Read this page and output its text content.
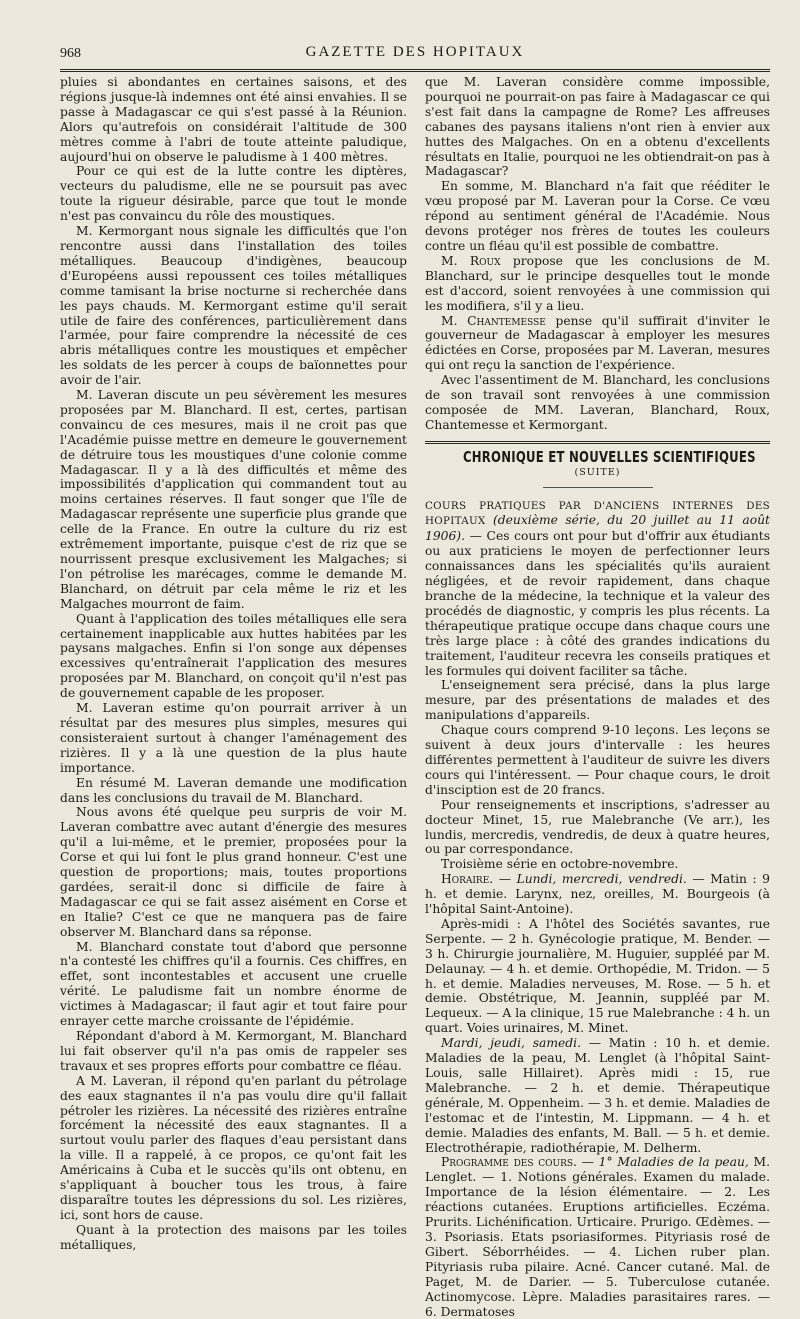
968	GAZETTE DES HOPITAUX

pluies si abondantes en certaines saisons, et des régions jusque-là indemnes ont été ainsi envahies. Il se passe à Madagascar ce qui s'est passé à la Réunion. Alors qu'autrefois on considérait l'altitude de 300 mètres comme à l'abri de toute atteinte paludique, aujourd'hui on observe le paludisme à 1 400 mètres.

Pour ce qui est de la lutte contre les diptères, vecteurs du paludisme, elle ne se poursuit pas avec toute la rigueur désirable, parce que tout le monde n'est pas convaincu du rôle des moustiques.

M. Kermorgant nous signale les difficultés que l'on rencontre aussi dans l'installation des toiles métalliques. Beaucoup d'indigènes, beaucoup d'Européens aussi repoussent ces toiles métalliques comme tamisant la brise nocturne si recherchée dans les pays chauds. M. Kermorgant estime qu'il serait utile de faire des conférences, particulièrement dans l'armée, pour faire comprendre la nécessité de ces abris métalliques contre les moustiques et empêcher les soldats de les percer à coups de baïonnettes pour avoir de l'air.

M. Laveran discute un peu sévèrement les mesures proposées par M. Blanchard. Il est, certes, partisan convaincu de ces mesures, mais il ne croit pas que l'Académie puisse mettre en demeure le gouvernement de détruire tous les moustiques d'une colonie comme Madagascar. Il y a là des difficultés et même des impossibilités d'application qui commandent tout au moins certaines réserves. Il faut songer que l'île de Madagascar représente une superficie plus grande que celle de la France. En outre la culture du riz est extrêmement importante, puisque c'est de riz que se nourrissent presque exclusivement les Malgaches; si l'on pétrolise les marécages, comme le demande M. Blanchard, on détruit par cela même le riz et les Malgaches mourront de faim.

Quant à l'application des toiles métalliques elle sera certainement inapplicable aux huttes habitées par les paysans malgaches. Enfin si l'on songe aux dépenses excessives qu'entraînerait l'application des mesures proposées par M. Blanchard, on conçoit qu'il n'est pas de gouvernement capable de les proposer.

M. Laveran estime qu'on pourrait arriver à un résultat par des mesures plus simples, mesures qui consisteraient surtout à changer l'aménagement des rizières. Il y a là une question de la plus haute importance.

En résumé M. Laveran demande une modification dans les conclusions du travail de M. Blanchard.

Nous avons été quelque peu surpris de voir M. Laveran combattre avec autant d'énergie des mesures qu'il a lui-même, et le premier, proposées pour la Corse et qui lui font le plus grand honneur. C'est une question de proportions; mais, toutes proportions gardées, serait-il donc si difficile de faire à Madagascar ce qui se fait assez aisément en Corse et en Italie? C'est ce que ne manquera pas de faire observer M. Blanchard dans sa réponse.

M. Blanchard constate tout d'abord que personne n'a contesté les chiffres qu'il a fournis. Ces chiffres, en effet, sont incontestables et accusent une cruelle vérité. Le paludisme fait un nombre énorme de victimes à Madagascar; il faut agir et tout faire pour enrayer cette marche croissante de l'épidémie.

Répondant d'abord à M. Kermorgant, M. Blanchard lui fait observer qu'il n'a pas omis de rappeler ses travaux et ses propres efforts pour combattre ce fléau.

A M. Laveran, il répond qu'en parlant du pétrolage des eaux stagnantes il n'a pas voulu dire qu'il fallait pétroler les rizières. La nécessité des rizières entraîne forcément la nécessité des eaux stagnantes. Il a surtout voulu parler des flaques d'eau persistant dans la ville. Il a rappelé, à ce propos, ce qu'ont fait les Américains à Cuba et le succès qu'ils ont obtenu, en s'appliquant à boucher tous les trous, à faire disparaître toutes les dépressions du sol. Les rizières, ici, sont hors de cause.

Quant à la protection des maisons par les toiles métalliques,

que M. Laveran considère comme impossible, pourquoi ne pourrait-on pas faire à Madagascar ce qui s'est fait dans la campagne de Rome? Les affreuses cabanes des paysans italiens n'ont rien à envier aux huttes des Malgaches. On en a obtenu d'excellents résultats en Italie, pourquoi ne les obtiendrait-on pas à Madagascar?

En somme, M. Blanchard n'a fait que rééditer le vœu proposé par M. Laveran pour la Corse. Ce vœu répond au sentiment général de l'Académie. Nous devons protéger nos frères de toutes les couleurs contre un fléau qu'il est possible de combattre.

M. Roux propose que les conclusions de M. Blanchard, sur le principe desquelles tout le monde est d'accord, soient renvoyées à une commission qui les modifiera, s'il y a lieu.

M. Chantemesse pense qu'il suffirait d'inviter le gouverneur de Madagascar à employer les mesures édictées en Corse, proposées par M. Laveran, mesures qui ont reçu la sanction de l'expérience.

Avec l'assentiment de M. Blanchard, les conclusions de son travail sont renvoyées à une commission composée de MM. Laveran, Blanchard, Roux, Chantemesse et Kermorgant.

CHRONIQUE ET NOUVELLES SCIENTIFIQUES
(SUITE)

COURS PRATIQUES PAR D'ANCIENS INTERNES DES HOPITAUX (deuxième série, du 20 juillet au 11 août 1906). — Ces cours ont pour but d'offrir aux étudiants ou aux praticiens le moyen de perfectionner leurs connaissances dans les spécialités qu'ils auraient négligées, et de revoir rapidement, dans chaque branche de la médecine, la technique et la valeur des procédés de diagnostic, y compris les plus récents. La thérapeutique pratique occupe dans chaque cours une très large place : à côté des grandes indications du traitement, l'auditeur recevra les conseils pratiques et les formules qui doivent faciliter sa tâche.

L'enseignement sera précisé, dans la plus large mesure, par des présentations de malades et des manipulations d'appareils.

Chaque cours comprend 9-10 leçons. Les leçons se suivent à deux jours d'intervalle : les heures différentes permettent à l'auditeur de suivre les divers cours qui l'intéressent. — Pour chaque cours, le droit d'insciption est de 20 francs.

Pour renseignements et inscriptions, s'adresser au docteur Minet, 15, rue Malebranche (Ve arr.), les lundis, mercredis, vendredis, de deux à quatre heures, ou par correspondance.

Troisième série en octobre-novembre.

Horaire. — Lundi, mercredi, vendredi. — Matin : 9 h. et demie. Larynx, nez, oreilles, M. Bourgeois (à l'hôpital Saint-Antoine).

Après-midi : A l'hôtel des Sociétés savantes, rue Serpente. — 2 h. Gynécologie pratique, M. Bender. — 3 h. Chirurgie journalière, M. Huguier, suppléé par M. Delaunay. — 4 h. et demie. Orthopédie, M. Tridon. — 5 h. et demie. Maladies nerveuses, M. Rose. — 5 h. et demie. Obstétrique, M. Jeannin, suppléé par M. Lequeux. — A la clinique, 15 rue Malebranche : 4 h. un quart. Voies urinaires, M. Minet.

Mardi, jeudi, samedi. — Matin : 10 h. et demie. Maladies de la peau, M. Lenglet (à l'hôpital Saint-Louis, salle Hillairet). Après midi : 15, rue Malebranche. — 2 h. et demie. Thérapeutique générale, M. Oppenheim. — 3 h. et demie. Maladies de l'estomac et de l'intestin, M. Lippmann. — 4 h. et demie. Maladies des enfants, M. Ball. — 5 h. et demie. Electrothérapie, radiothérapie, M. Delherm.

Programme des cours. — 1° Maladies de la peau, M. Lenglet. — 1. Notions générales. Examen du malade. Importance de la lésion élémentaire. — 2. Les réactions cutanées. Eruptions artificielles. Eczéma. Prurits. Lichénification. Urticaire. Prurigo. Œdèmes. — 3. Psoriasis. Etats psoriasiformes. Pityriasis rosé de Gibert. Séborrhéides. — 4. Lichen ruber plan. Pityriasis ruba pilaire. Acné. Cancer cutané. Mal. de Paget, M. de Darier. — 5. Tuberculose cutanée. Actinomycose. Lèpre. Maladies parasitaires rares. — 6. Dermatoses
